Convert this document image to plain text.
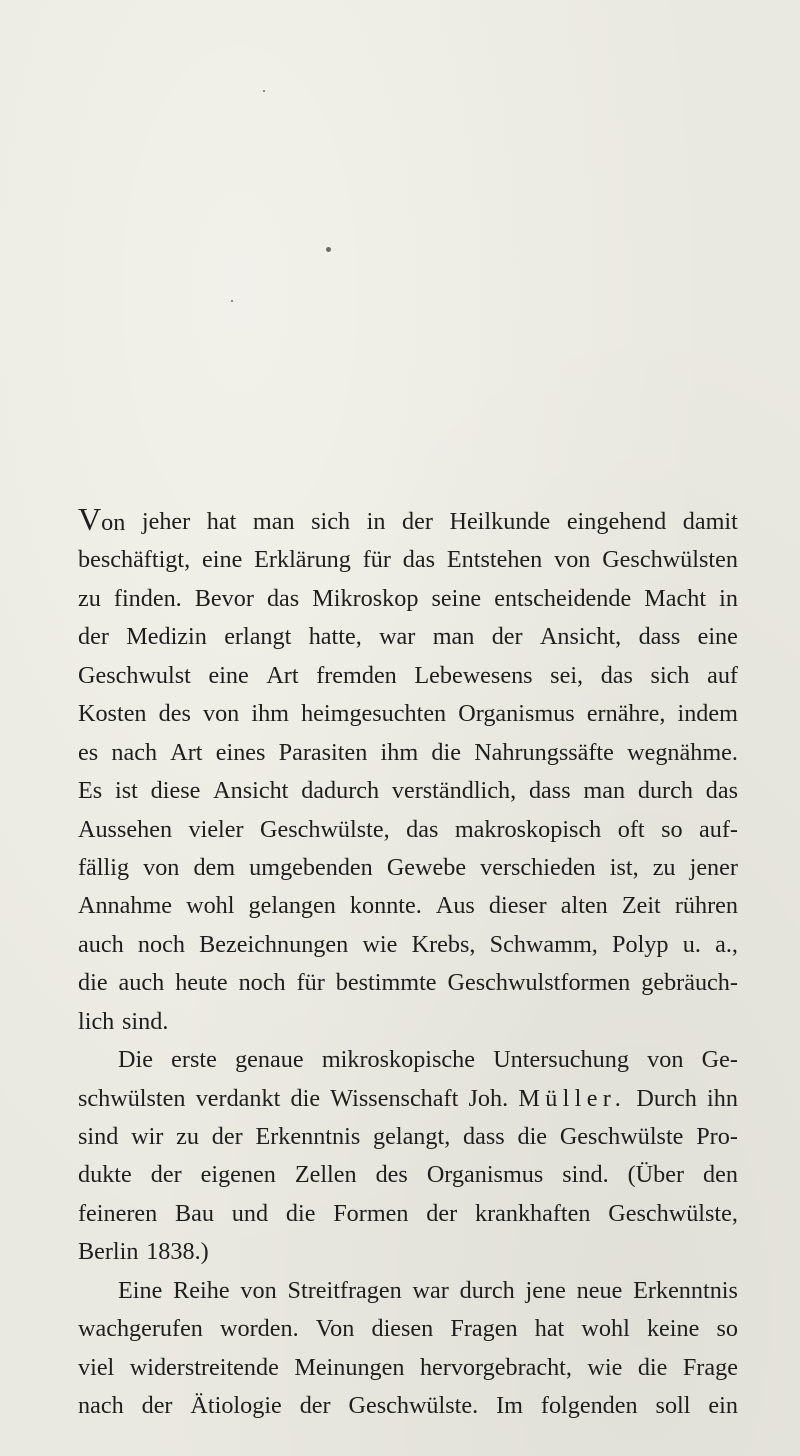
Von jeher hat man sich in der Heilkunde eingehend damit
beschäftigt, eine Erklärung für das Entstehen von Geschwülsten
zu finden. Bevor das Mikroskop seine entscheidende Macht in
der Medizin erlangt hatte, war man der Ansicht, dass eine
Geschwulst eine Art fremden Lebewesens sei, das sich auf
Kosten des von ihm heimgesuchten Organismus ernähre, indem
es nach Art eines Parasiten ihm die Nahrungssäfte wegnähme.
Es ist diese Ansicht dadurch verständlich, dass man durch das
Aussehen vieler Geschwülste, das makroskopisch oft so auf-
fällig von dem umgebenden Gewebe verschieden ist, zu jener
Annahme wohl gelangen konnte. Aus dieser alten Zeit rühren
auch noch Bezeichnungen wie Krebs, Schwamm, Polyp u. a.,
die auch heute noch für bestimmte Geschwulstformen gebräuch-
lich sind.
Die erste genaue mikroskopische Untersuchung von Ge-
schwülsten verdankt die Wissenschaft Joh. Müller. Durch ihn
sind wir zu der Erkenntnis gelangt, dass die Geschwülste Pro-
dukte der eigenen Zellen des Organismus sind. (Über den
feineren Bau und die Formen der krankhaften Geschwülste,
Berlin 1838.)
Eine Reihe von Streitfragen war durch jene neue Erkenntnis
wachgerufen worden. Von diesen Fragen hat wohl keine so
viel widerstreitende Meinungen hervorgebracht, wie die Frage
nach der Ätiologie der Geschwülste. Im folgenden soll ein
